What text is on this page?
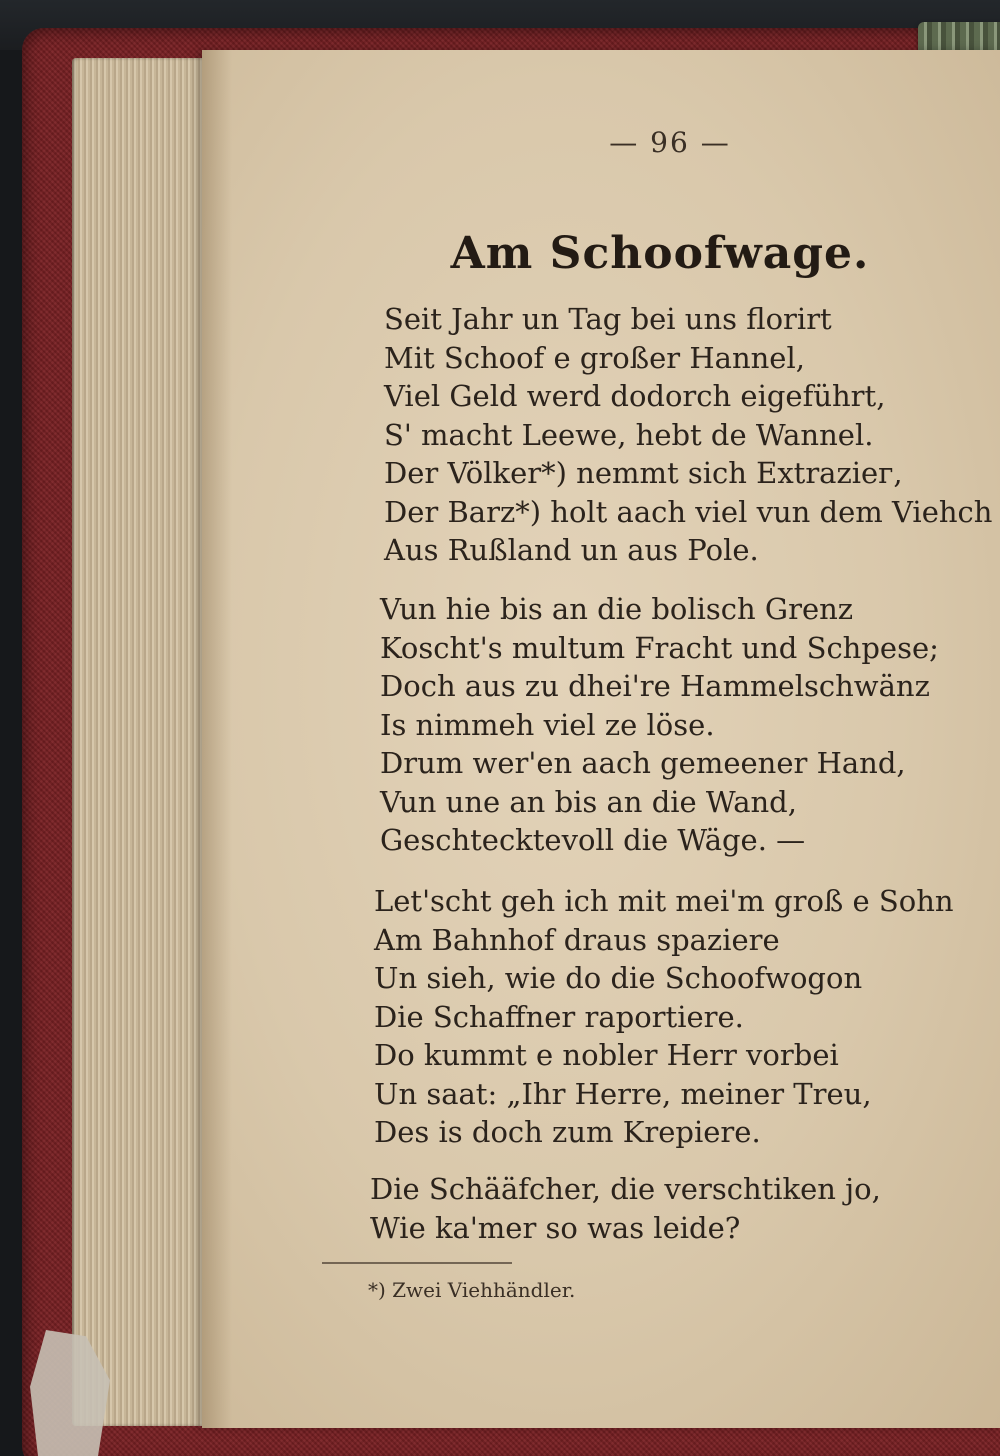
— 96 —
Am Schoofwage.
Seit Jahr un Tag bei uns florirt
Mit Schoof e großer Hannel,
Viel Geld werd dodorch eigeführt,
S' macht Leewe, hebt de Wannel.
Der Völker*) nemmt sich Extraziег,
Der Barz*) holt aach viel vun dem Viehch
Aus Rußland un aus Pole.
Vun hie bis an die bolisch Grenz
Koscht's multum Fracht und Schpese;
Doch aus zu dhei're Hammelschwänz
Is nimmeh viel ze löse.
Drum wer'en aach gemeener Hand,
Vun une an bis an die Wand,
Geschtecktevoll die Wäge. —
Let'scht geh ich mit mei'm groß e Sohn
Am Bahnhof draus spaziere
Un sieh, wie do die Schoofwogon
Die Schaffner raportiere.
Do kummt e nobler Herr vorbei
Un saat: „Ihr Herre, meiner Treu,
Des is doch zum Krepiere.
Die Schääfcher, die verschtiken jo,
Wie ka'mer so was leide?
*) Zwei Viehhändler.
